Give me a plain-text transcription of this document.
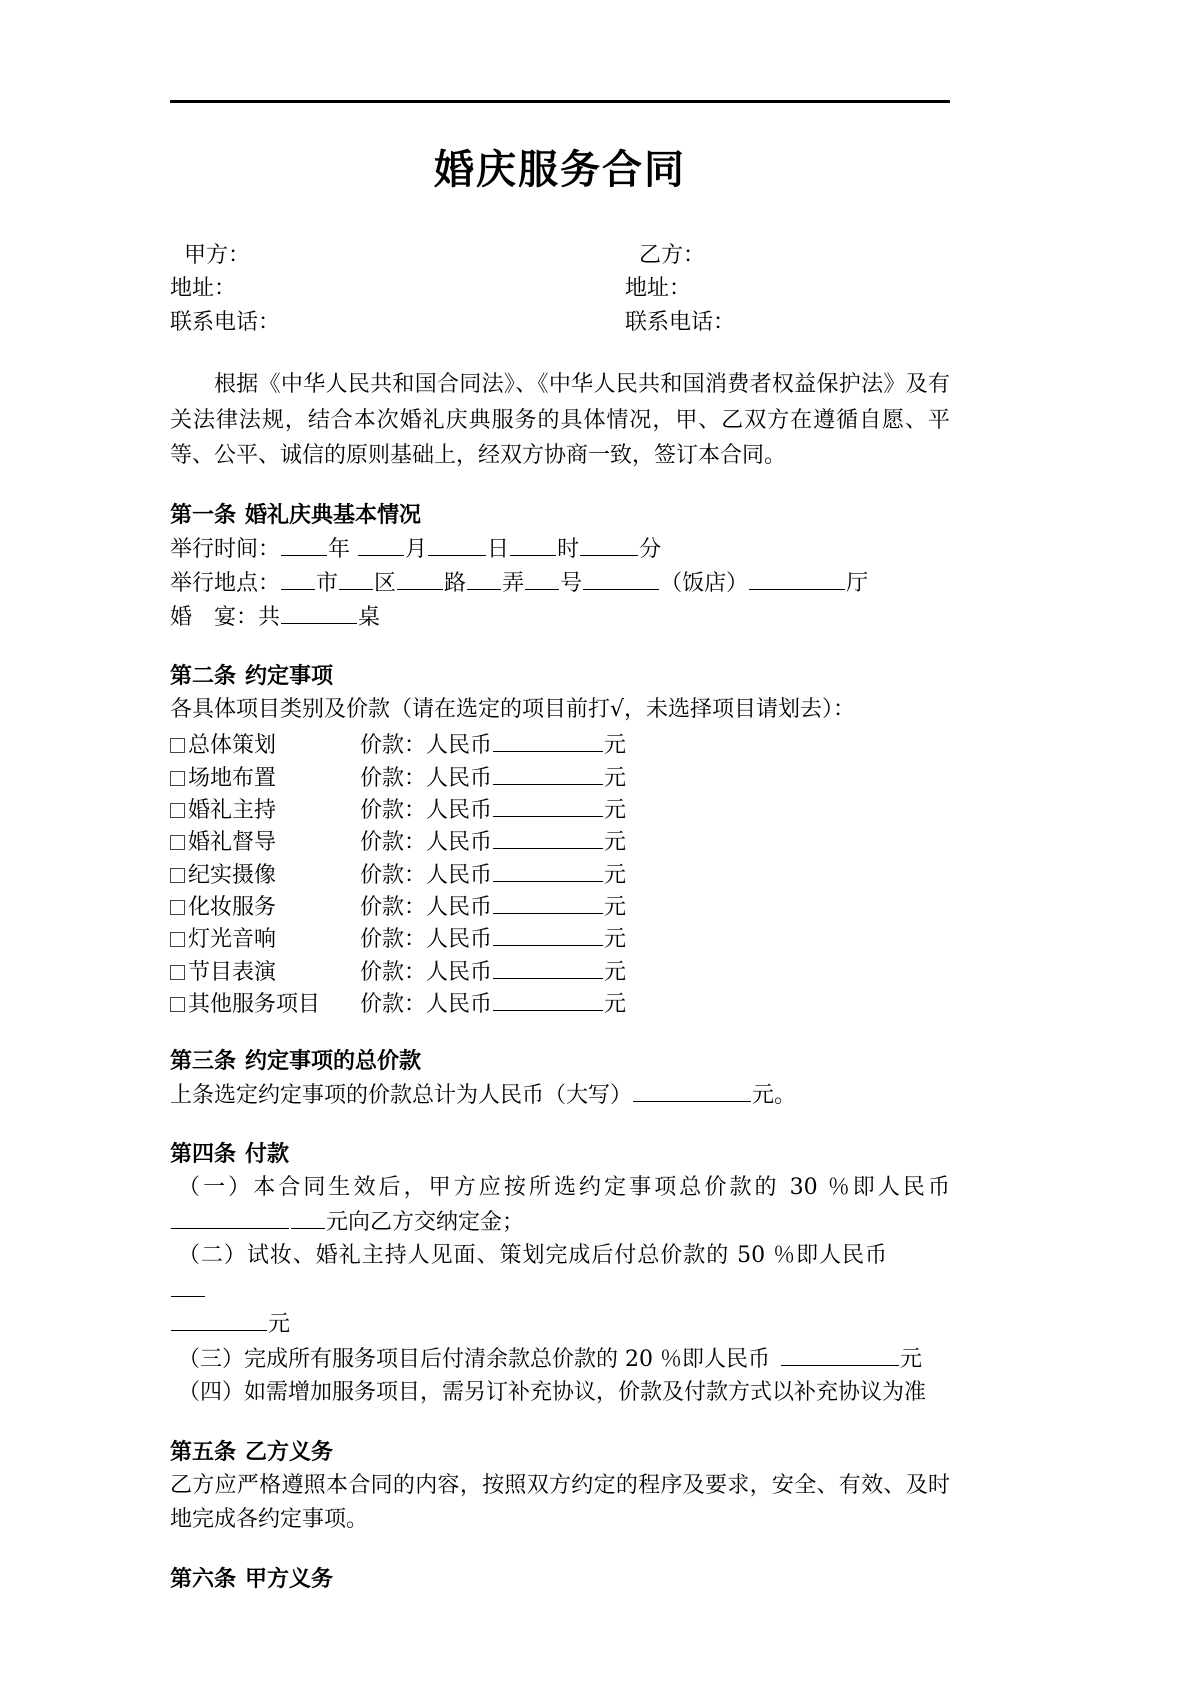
婚庆服务合同
甲方：	乙方：
地址：	地址：
联系电话：	联系电话：

根据《中华人民共和国合同法》、《中华人民共和国消费者权益保护法》及有关法律法规，结合本次婚礼庆典服务的具体情况，甲、乙双方在遵循自愿、平等、公平、诚信的原则基础上，经双方协商一致，签订本合同。

第一条 婚礼庆典基本情况
举行时间： 年	月	日 时	分
举行地点： 市 区 路 弄 号	（饭店）	厅
婚　宴：共	桌
第二条 约定事项
各具体项目类别及价款（请在选定的项目前打√，未选择项目请划去）：
总体策划	价款：人民币	元
场地布置	价款：人民币	元
婚礼主持	价款：人民币	元
婚礼督导	价款：人民币	元
纪实摄像	价款：人民币	元
化妆服务	价款：人民币	元
灯光音响	价款：人民币	元
节目表演	价款：人民币	元
其他服务项目	价款：人民币	元
第三条 约定事项的总价款
上条选定约定事项的价款总计为人民币（大写）	元。
第四条 付款
（一）本合同生效后，甲方应按所选约定事项总价款的 30 ％即人民币元向乙方交纳定金；
（二）试妆、婚礼主持人见面、策划完成后付总价款的 50 ％即人民币
元
（三）完成所有服务项目后付清余款总价款的 20 ％即人民币	元
（四）如需增加服务项目，需另订补充协议，价款及付款方式以补充协议为准
第五条 乙方义务
乙方应严格遵照本合同的内容，按照双方约定的程序及要求，安全、有效、及时地完成各约定事项。
第六条 甲方义务
